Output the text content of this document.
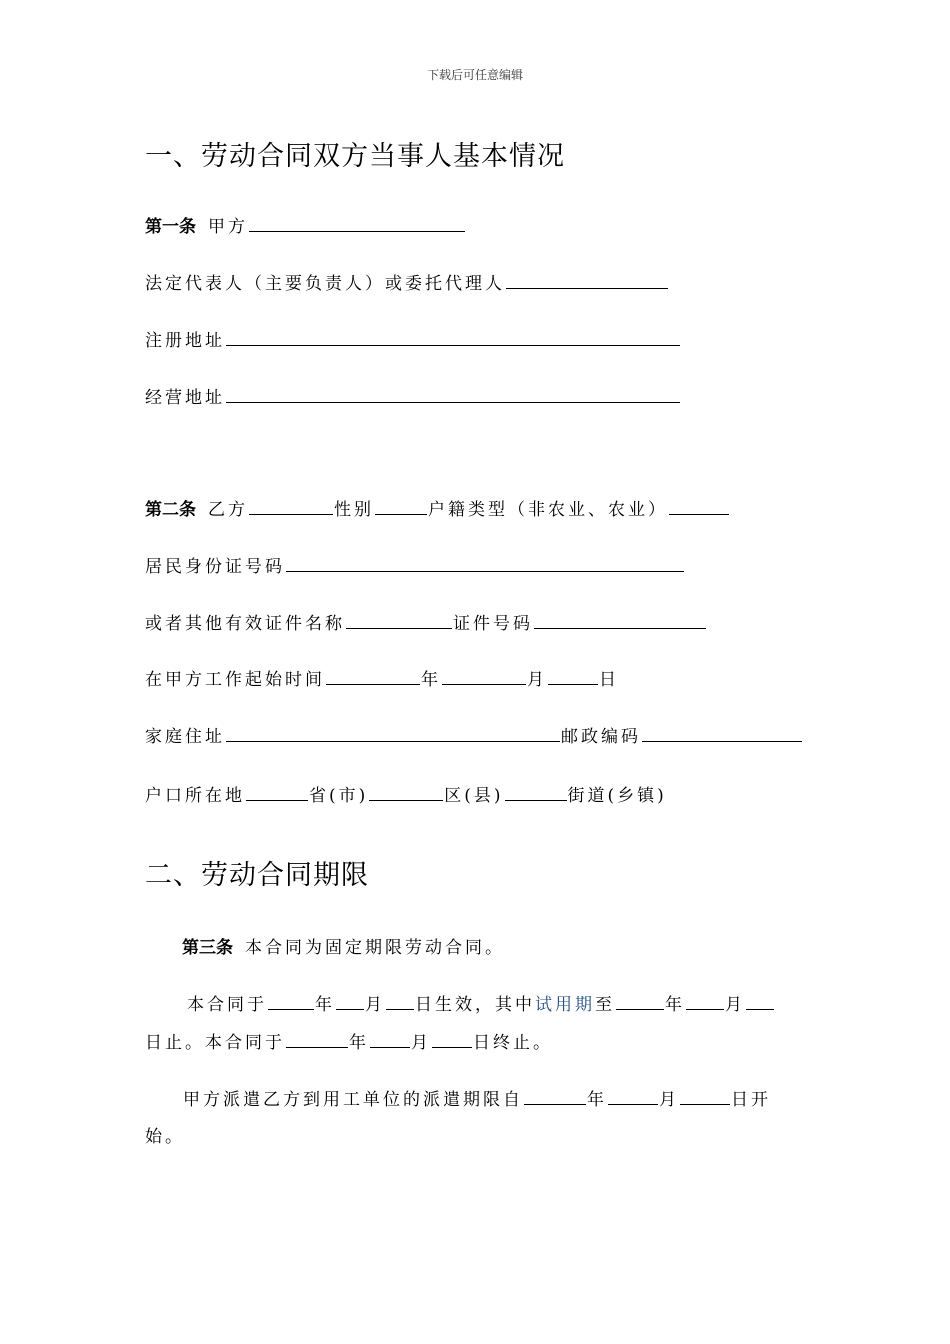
下载后可任意编辑
一、劳动合同双方当事人基本情况
第一条 甲方
法定代表人（主要负责人）或委托代理人
注册地址
经营地址
第二条 乙方	性别	户籍类型（非农业、农业）
居民身份证号码
或者其他有效证件名称	证件号码
在甲方工作起始时间	年	月	日
家庭住址	邮政编码
户口所在地	省(市)	区(县)	街道(乡镇)
二、劳动合同期限
第三条 本合同为固定期限劳动合同。
本合同于	年 月 日生效，其中试用期至	年 月
日止。本合同于	年 月 日终止。
甲方派遣乙方到用工单位的派遣期限自	年	月	日开
始。
